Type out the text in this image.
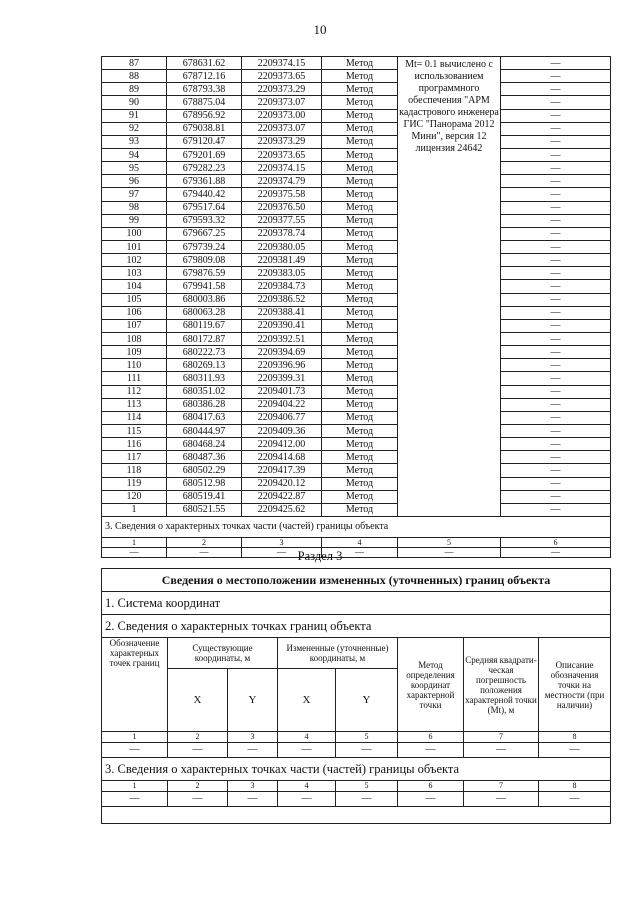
10
87	678631.62	2209374.15	Метод	Mt= 0.1 вычислено с использованием программного обеспечения "АРМ кадастрового инженера ГИС "Панорама 2012 Мини", версия 12 лицензия 24642	—
88	678712.16	2209373.65	Метод		—
89	678793.38	2209373.29	Метод		—
90	678875.04	2209373.07	Метод		—
91	678956.92	2209373.00	Метод		—
92	679038.81	2209373.07	Метод		—
93	679120.47	2209373.29	Метод		—
94	679201.69	2209373.65	Метод		—
95	679282.23	2209374.15	Метод		—
96	679361.88	2209374.79	Метод		—
97	679440.42	2209375.58	Метод		—
98	679517.64	2209376.50	Метод		—
99	679593.32	2209377.55	Метод		—
100	679667.25	2209378.74	Метод		—
101	679739.24	2209380.05	Метод		—
102	679809.08	2209381.49	Метод		—
103	679876.59	2209383.05	Метод		—
104	679941.58	2209384.73	Метод		—
105	680003.86	2209386.52	Метод		—
106	680063.28	2209388.41	Метод		—
107	680119.67	2209390.41	Метод		—
108	680172.87	2209392.51	Метод		—
109	680222.73	2209394.69	Метод		—
110	680269.13	2209396.96	Метод		—
111	680311.93	2209399.31	Метод		—
112	680351.02	2209401.73	Метод		—
113	680386.28	2209404.22	Метод		—
114	680417.63	2209406.77	Метод		—
115	680444.97	2209409.36	Метод		—
116	680468.24	2209412.00	Метод		—
117	680487.36	2209414.68	Метод		—
118	680502.29	2209417.39	Метод		—
119	680512.98	2209420.12	Метод		—
120	680519.41	2209422.87	Метод		—
1	680521.55	2209425.62	Метод		—
3. Сведения о характерных точках части (частей) границы объекта					
1	2	3	4	5	6
—	—	—	—	—	—
Раздел 3
Сведения о местоположении измененных (уточненных) границ объекта							
1. Система координат							
2. Сведения о характерных точках границ объекта							
Обозначение характерных точек границ	Существующие координаты, м		Измененные (уточненные) координаты, м		Метод определения координат характерной точки	Средняя квадрати-ческая погрешность положения характерной точки (Mt), м	Описание обозначения точки на местности (при наличии)
	X	Y	X	Y			
1	2	3	4	5	6	7	8
—	—	—	—	—	—	—	—
3. Сведения о характерных точках части (частей) границы объекта							
1	2	3	4	5	6	7	8
—	—	—	—	—	—	—	—
